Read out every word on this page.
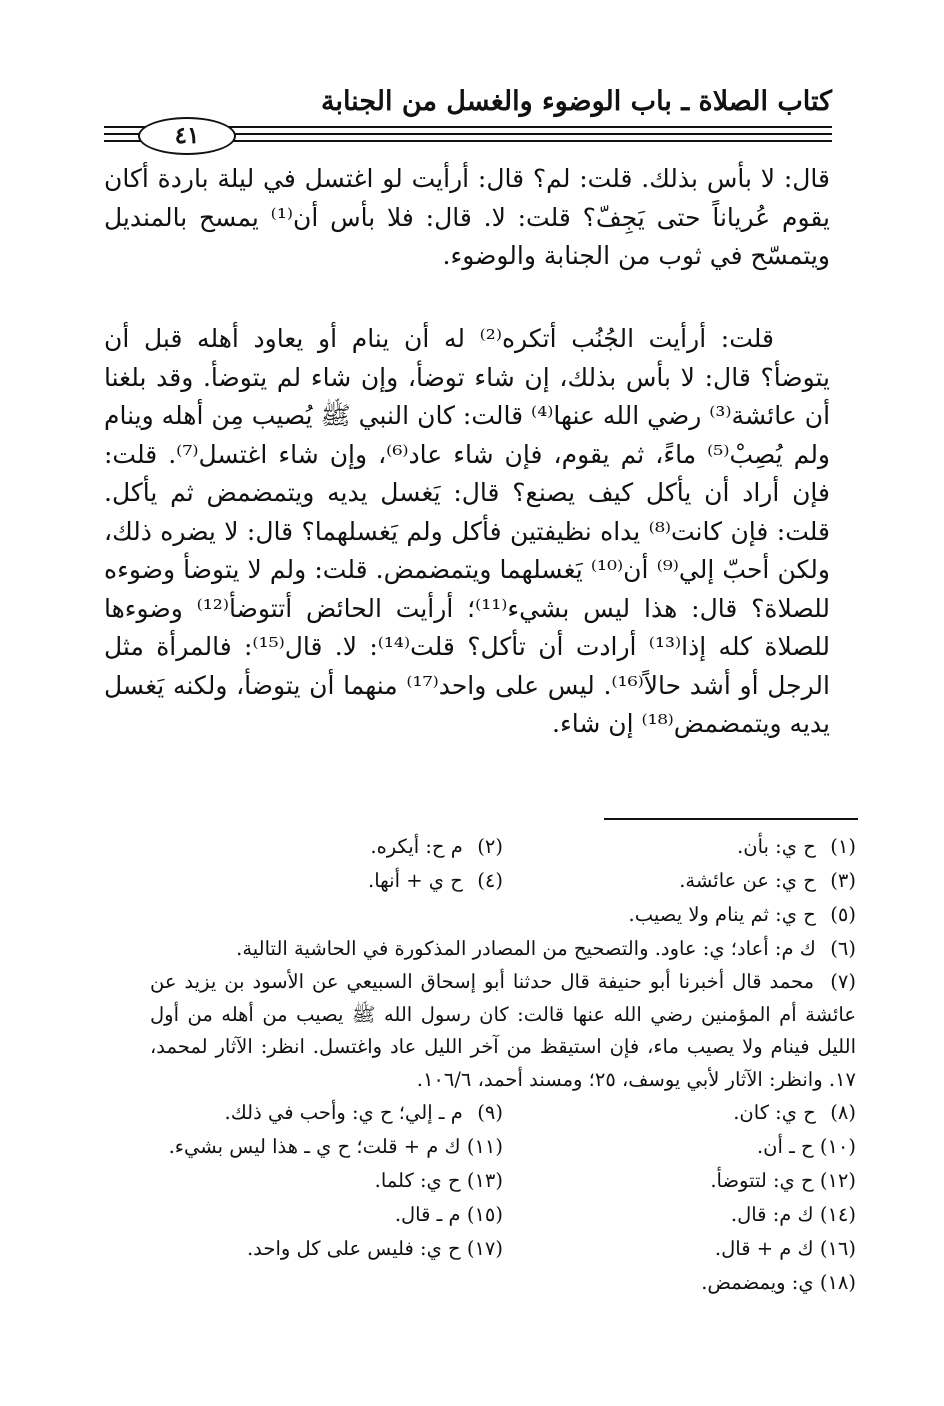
كتاب الصلاة ـ باب الوضوء والغسل من الجنابة
٤١

قال: لا بأس بذلك. قلت: لم؟ قال: أرأيت لو اغتسل في ليلة باردة أكان يقوم عُرياناً حتى يَجِفّ؟ قلت: لا. قال: فلا بأس أن⁽¹⁾ يمسح بالمنديل ويتمسّح في ثوب من الجنابة والوضوء.

قلت: أرأيت الجُنُب أتكره⁽²⁾ له أن ينام أو يعاود أهله قبل أن يتوضأ؟ قال: لا بأس بذلك، إن شاء توضأ، وإن شاء لم يتوضأ. وقد بلغنا أن عائشة⁽³⁾ رضي الله عنها⁽⁴⁾ قالت: كان النبي ﷺ يُصيب مِن أهله وينام ولم يُصِبْ⁽⁵⁾ ماءً، ثم يقوم، فإن شاء عاد⁽⁶⁾، وإن شاء اغتسل⁽⁷⁾. قلت: فإن أراد أن يأكل كيف يصنع؟ قال: يَغسل يديه ويتمضمض ثم يأكل. قلت: فإن كانت⁽⁸⁾ يداه نظيفتين فأكل ولم يَغسلهما؟ قال: لا يضره ذلك، ولكن أحبّ إلي⁽⁹⁾ أن⁽¹⁰⁾ يَغسلهما ويتمضمض. قلت: ولم لا يتوضأ وضوءه للصلاة؟ قال: هذا ليس بشيء⁽¹¹⁾؛ أرأيت الحائض أتتوضأ⁽¹²⁾ وضوءها للصلاة كله إذا⁽¹³⁾ أرادت أن تأكل؟ قلت⁽¹⁴⁾: لا. قال⁽¹⁵⁾: فالمرأة مثل الرجل أو أشد حالاً⁽¹⁶⁾. ليس على واحد⁽¹⁷⁾ منهما أن يتوضأ، ولكنه يَغسل يديه ويتمضمض⁽¹⁸⁾ إن شاء.

(١) ح ي: بأن.
(٢) م ح: أيكره.
(٣) ح ي: عن عائشة.
(٤) ح ي + أنها.
(٥) ح ي: ثم ينام ولا يصيب.
(٦) ك م: أعاد؛ ي: عاود. والتصحيح من المصادر المذكورة في الحاشية التالية.
(٧) محمد قال أخبرنا أبو حنيفة قال حدثنا أبو إسحاق السبيعي عن الأسود بن يزيد عن عائشة أم المؤمنين رضي الله عنها قالت: كان رسول الله ﷺ يصيب من أهله من أول الليل فينام ولا يصيب ماء، فإن استيقظ من آخر الليل عاد واغتسل. انظر: الآثار لمحمد، ١٧. وانظر: الآثار لأبي يوسف، ٢٥؛ ومسند أحمد، ١٠٦/٦.
(٨) ح ي: كان.
(٩) م ـ إلي؛ ح ي: وأحب في ذلك.
(١٠) ح ـ أن.
(١١) ك م + قلت؛ ح ي ـ هذا ليس بشيء.
(١٢) ح ي: لتتوضأ.
(١٣) ح ي: كلما.
(١٤) ك م: قال.
(١٥) م ـ قال.
(١٦) ك م + قال.
(١٧) ح ي: فليس على كل واحد.
(١٨) ي: ويمضمض.
